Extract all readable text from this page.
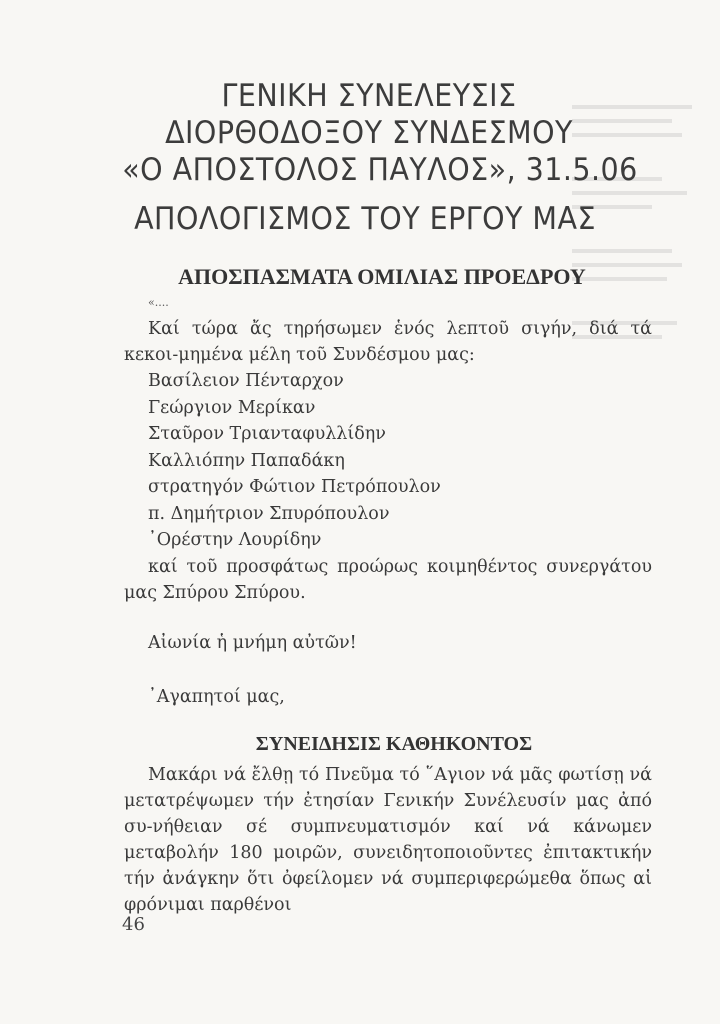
ΓΕΝΙΚΗ ΣΥΝΕΛΕΥΣΙΣ
ΔΙΟΡΘΟΔΟΞΟΥ ΣΥΝΔΕΣΜΟΥ
«Ο ΑΠΟΣΤΟΛΟΣ ΠΑΥΛΟΣ», 31.5.06
ΑΠΟΛΟΓΙΣΜΟΣ ΤΟΥ ΕΡΓΟΥ ΜΑΣ
ΑΠΟΣΠΑΣΜΑΤΑ ΟΜΙΛΙΑΣ ΠΡΟΕΔΡΟΥ
«....
Καί τώρα ἄς τηρήσωμεν ἑνός λεπτοῦ σιγήν, διά τά κεκοι-μημένα μέλη τοῦ Συνδέσμου μας:
Βασίλειον Πένταρχον
Γεώργιον Μερίκαν
Σταῦρον Τριανταφυλλίδην
Καλλιόπην Παπαδάκη
στρατηγόν Φώτιον Πετρόπουλον
π. Δημήτριον Σπυρόπουλον
᾿Ορέστην Λουρίδην
καί τοῦ προσφάτως προώρως κοιμηθέντος συνεργάτου μας Σπύρου Σπύρου.
Αἰωνία ἡ μνήμη αὐτῶν!
᾿Αγαπητοί μας,
ΣΥΝΕΙΔΗΣΙΣ ΚΑΘΗΚΟΝΤΟΣ
Μακάρι νά ἔλθῃ τό Πνεῦμα τό ῞Αγιον νά μᾶς φωτίσῃ νά μετατρέψωμεν τήν ἐτησίαν Γενικήν Συνέλευσίν μας ἀπό συ-νήθειαν σέ συμπνευματισμόν καί νά κάνωμεν μεταβολήν 180 μοιρῶν, συνειδητοποιοῦντες ἐπιτακτικήν τήν ἀνάγκην ὅτι ὀφείλομεν νά συμπεριφερώμεθα ὅπως αἱ φρόνιμαι παρθένοι
46
